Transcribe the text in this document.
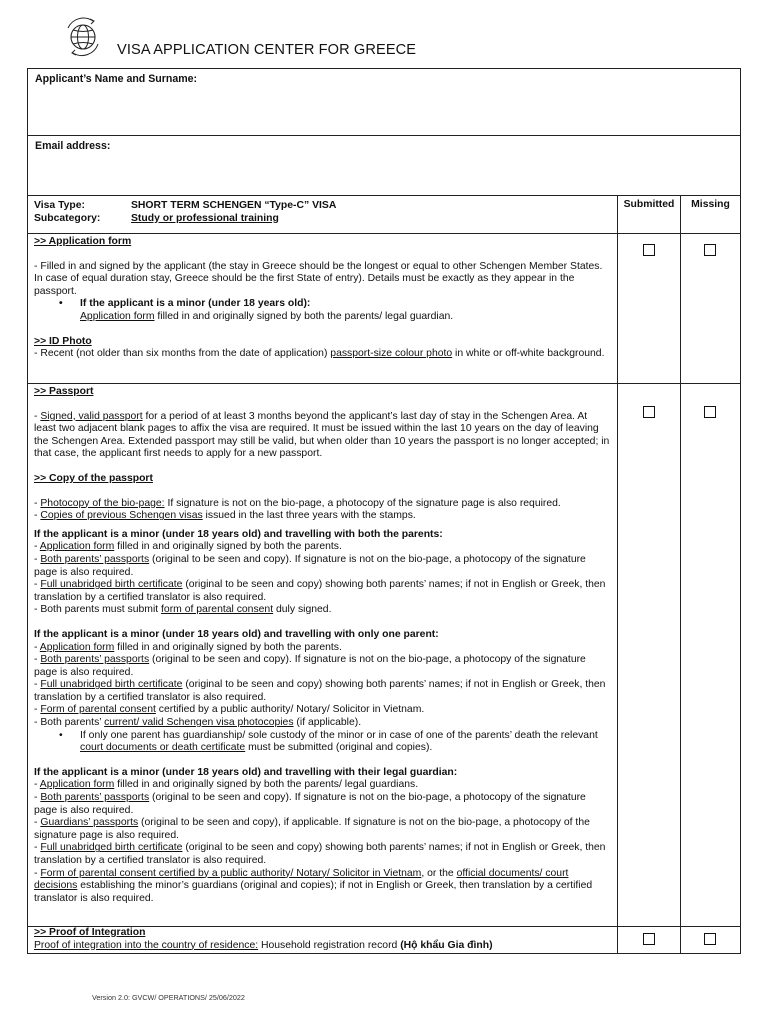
VISA APPLICATION CENTER FOR GREECE
Applicant’s Name and Surname:
Email address:
Visa Type:	SHORT TERM SCHENGEN “Type-C” VISA
Subcategory:	Study or professional training
Submitted	Missing
>> Application form
- Filled in and signed by the applicant (the stay in Greece should be the longest or equal to other Schengen Member States. In case of equal duration stay, Greece should be the first State of entry). Details must be exactly as they appear in the passport.
• If the applicant is a minor (under 18 years old):
Application form filled in and originally signed by both the parents/ legal guardian.
>> ID Photo
- Recent (not older than six months from the date of application) passport-size colour photo in white or off-white background.
>> Passport
- Signed, valid passport for a period of at least 3 months beyond the applicant’s last day of stay in the Schengen Area. At least two adjacent blank pages to affix the visa are required. It must be issued within the last 10 years on the day of leaving the Schengen Area. Extended passport may still be valid, but when older than 10 years the passport is no longer accepted; in that case, the applicant first needs to apply for a new passport.
>> Copy of the passport
- Photocopy of the bio-page: If signature is not on the bio-page, a photocopy of the signature page is also required.
- Copies of previous Schengen visas issued in the last three years with the stamps.
If the applicant is a minor (under 18 years old) and travelling with both the parents:
- Application form filled in and originally signed by both the parents.
- Both parents’ passports (original to be seen and copy). If signature is not on the bio-page, a photocopy of the signature page is also required.
- Full unabridged birth certificate (original to be seen and copy) showing both parents’ names; if not in English or Greek, then translation by a certified translator is also required.
- Both parents must submit form of parental consent duly signed.
If the applicant is a minor (under 18 years old) and travelling with only one parent:
- Application form filled in and originally signed by both the parents.
- Both parents’ passports (original to be seen and copy). If signature is not on the bio-page, a photocopy of the signature page is also required.
- Full unabridged birth certificate (original to be seen and copy) showing both parents’ names; if not in English or Greek, then translation by a certified translator is also required.
- Form of parental consent certified by a public authority/ Notary/ Solicitor in Vietnam.
- Both parents’ current/ valid Schengen visa photocopies (if applicable).
• If only one parent has guardianship/ sole custody of the minor or in case of one of the parents’ death the relevant court documents or death certificate must be submitted (original and copies).
If the applicant is a minor (under 18 years old) and travelling with their legal guardian:
- Application form filled in and originally signed by both the parents/ legal guardians.
- Both parents’ passports (original to be seen and copy). If signature is not on the bio-page, a photocopy of the signature page is also required.
- Guardians’ passports (original to be seen and copy), if applicable. If signature is not on the bio-page, a photocopy of the signature page is also required.
- Full unabridged birth certificate (original to be seen and copy) showing both parents’ names; if not in English or Greek, then translation by a certified translator is also required.
- Form of parental consent certified by a public authority/ Notary/ Solicitor in Vietnam, or the official documents/ court decisions establishing the minor’s guardians (original and copies); if not in English or Greek, then translation by a certified translator is also required.
>> Proof of Integration
Proof of integration into the country of residence: Household registration record (Hộ khẩu Gia đình)
Version 2.0: GVCW/ OPERATIONS/ 25/06/2022
